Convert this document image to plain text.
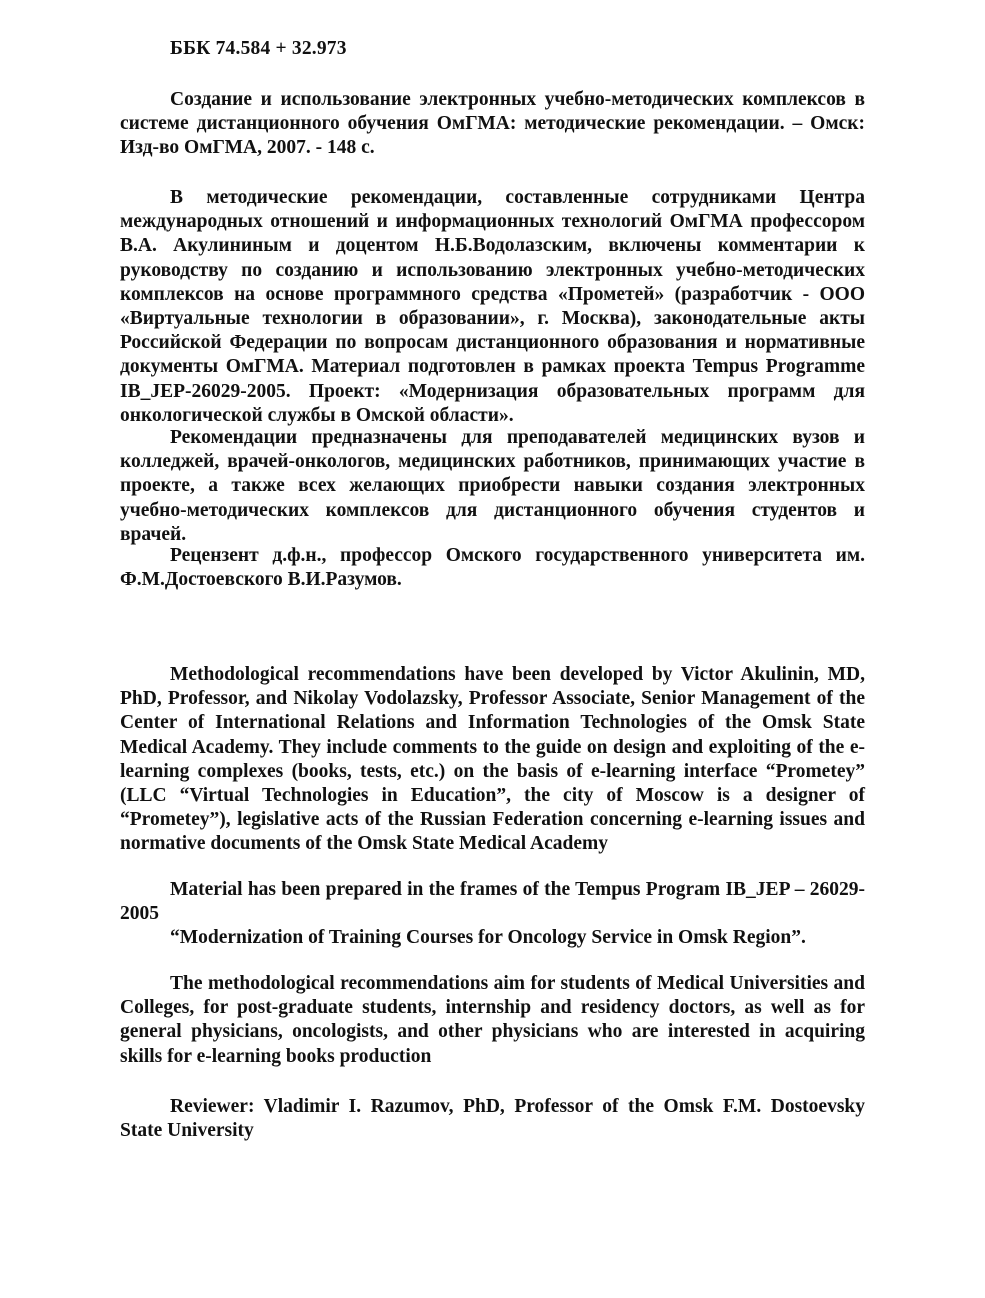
ББК 74.584 + 32.973

Создание и использование электронных учебно-методических комплексов в системе дистанционного обучения ОмГМА: методические рекомендации. – Омск: Изд-во ОмГМА, 2007. - 148 с.

В методические рекомендации, составленные сотрудниками Центра международных отношений и информационных технологий ОмГМА профессором В.А. Акулининым и доцентом Н.Б.Водолазским, включены комментарии к руководству по созданию и использованию электронных учебно-методических комплексов на основе программного средства «Прометей» (разработчик - ООО «Виртуальные технологии в образовании», г. Москва), законодательные акты Российской Федерации по вопросам дистанционного образования и нормативные документы ОмГМА. Материал подготовлен в рамках проекта Tempus Programme IB_JEP-26029-2005. Проект: «Модернизация образовательных программ для онкологической службы в Омской области».

Рекомендации предназначены для преподавателей медицинских вузов и колледжей, врачей-онкологов, медицинских работников, принимающих участие в проекте, а также всех желающих приобрести навыки создания электронных учебно-методических комплексов для дистанционного обучения студентов и врачей.

Рецензент д.ф.н., профессор Омского государственного университета им. Ф.М.Достоевского В.И.Разумов.

Methodological recommendations have been developed by Victor Akulinin, MD, PhD, Professor, and Nikolay Vodolazsky, Professor Associate, Senior Management of the Center of International Relations and Information Technologies of the Omsk State Medical Academy. They include comments to the guide on design and exploiting of the e-learning complexes (books, tests, etc.) on the basis of e-learning interface “Prometey” (LLC “Virtual Technologies in Education”, the city of Moscow is a designer of “Prometey”), legislative acts of the Russian Federation concerning e-learning issues and normative documents of the Omsk State Medical Academy

Material has been prepared in the frames of the Tempus Program IB_JEP – 26029-2005

“Modernization of Training Courses for Oncology Service in Omsk Region”.

The methodological recommendations aim for students of Medical Universities and Colleges, for post-graduate students, internship and residency doctors, as well as for general physicians, oncologists, and other physicians who are interested in acquiring skills for e-learning books production

Reviewer: Vladimir I. Razumov, PhD, Professor of the Omsk F.M. Dostoevsky State University
